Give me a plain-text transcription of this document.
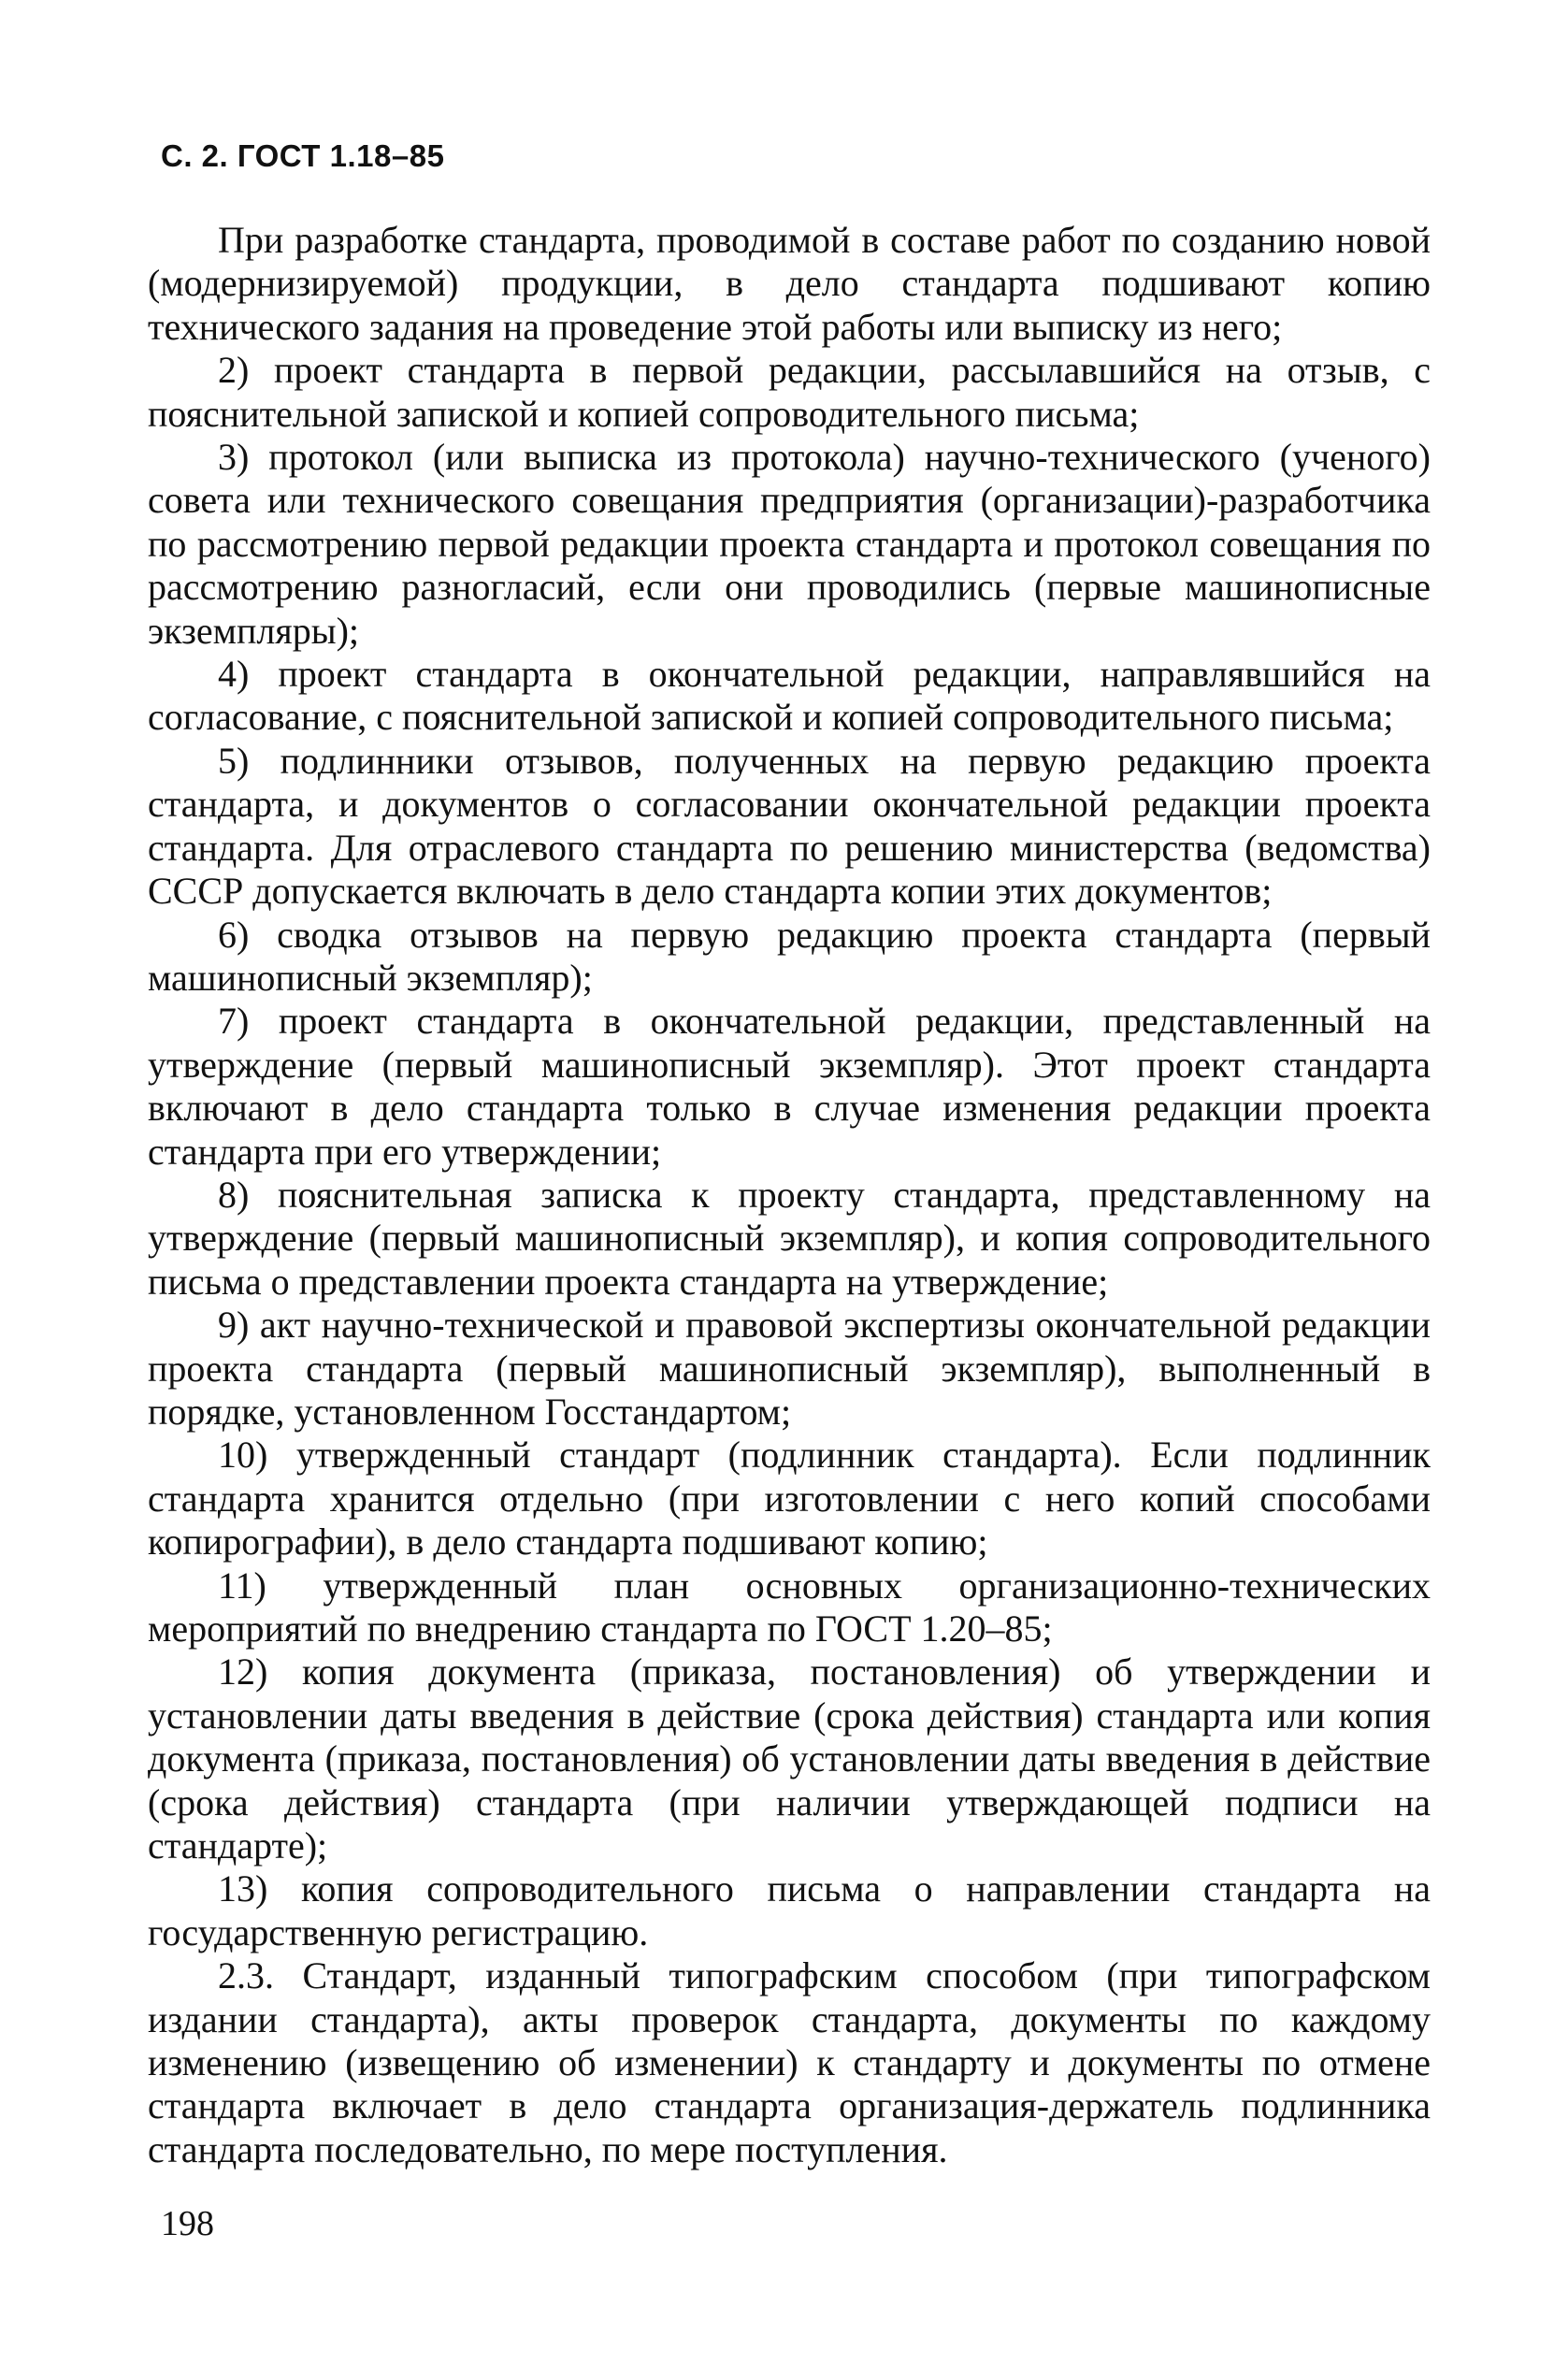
С. 2. ГОСТ 1.18–85

При разработке стандарта, проводимой в составе работ по созданию новой (модернизируемой) продукции, в дело стандарта подшивают копию технического задания на проведение этой работы или выписку из него;

2) проект стандарта в первой редакции, рассылавшийся на отзыв, с пояснительной запиской и копией сопроводительного письма;

3) протокол (или выписка из протокола) научно-технического (ученого) совета или технического совещания предприятия (организации)-разработчика по рассмотрению первой редакции проекта стандарта и протокол совещания по рассмотрению разногласий, если они проводились (первые машинописные экземпляры);

4) проект стандарта в окончательной редакции, направлявшийся на согласование, с пояснительной запиской и копией сопроводительного письма;

5) подлинники отзывов, полученных на первую редакцию проекта стандарта, и документов о согласовании окончательной редакции проекта стандарта. Для отраслевого стандарта по решению министерства (ведомства) СССР допускается включать в дело стандарта копии этих документов;

6) сводка отзывов на первую редакцию проекта стандарта (первый машинописный экземпляр);

7) проект стандарта в окончательной редакции, представленный на утверждение (первый машинописный экземпляр). Этот проект стандарта включают в дело стандарта только в случае изменения редакции проекта стандарта при его утверждении;

8) пояснительная записка к проекту стандарта, представленному на утверждение (первый машинописный экземпляр), и копия сопроводительного письма о представлении проекта стандарта на утверждение;

9) акт научно-технической и правовой экспертизы окончательной редакции проекта стандарта (первый машинописный экземпляр), выполненный в порядке, установленном Госстандартом;

10) утвержденный стандарт (подлинник стандарта). Если подлинник стандарта хранится отдельно (при изготовлении с него копий способами копирографии), в дело стандарта подшивают копию;

11) утвержденный план основных организационно-технических мероприятий по внедрению стандарта по ГОСТ 1.20–85;

12) копия документа (приказа, постановления) об утверждении и установлении даты введения в действие (срока действия) стандарта или копия документа (приказа, постановления) об установлении даты введения в действие (срока действия) стандарта (при наличии утверждающей подписи на стандарте);

13) копия сопроводительного письма о направлении стандарта на государственную регистрацию.

2.3. Стандарт, изданный типографским способом (при типографском издании стандарта), акты проверок стандарта, документы по каждому изменению (извещению об изменении) к стандарту и документы по отмене стандарта включает в дело стандарта организация-держатель подлинника стандарта последовательно, по мере поступления.

198
